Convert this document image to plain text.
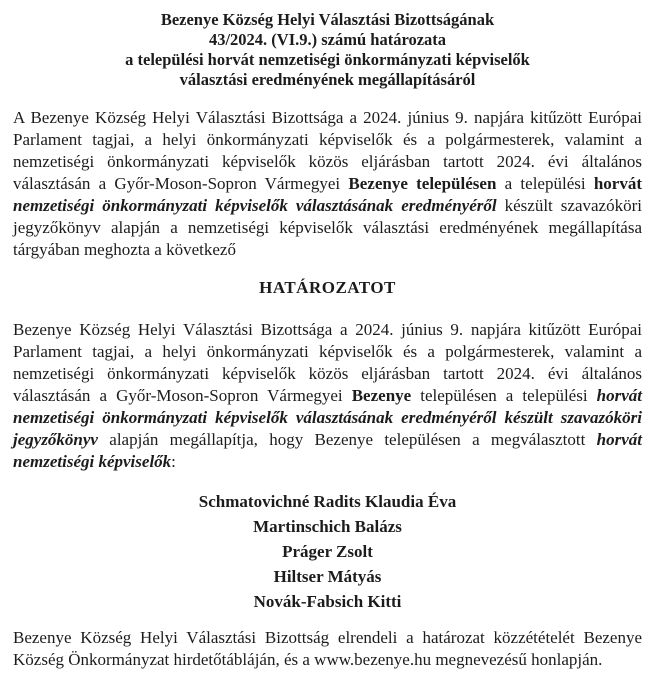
Bezenye Község Helyi Választási Bizottságának
43/2024. (VI.9.) számú határozata
a települési horvát nemzetiségi önkormányzati képviselők
választási eredményének megállapításáról

A Bezenye Község Helyi Választási Bizottsága a 2024. június 9. napjára kitűzött Európai Parlament tagjai, a helyi önkormányzati képviselők és a polgármesterek, valamint a nemzetiségi önkormányzati képviselők közös eljárásban tartott 2024. évi általános választásán a Győr-Moson-Sopron Vármegyei Bezenye településen a települési horvát nemzetiségi önkormányzati képviselők választásának eredményéről készült szavazóköri jegyzőkönyv alapján a nemzetiségi képviselők választási eredményének megállapítása tárgyában meghozta a következő

HATÁROZATOT

Bezenye Község Helyi Választási Bizottsága a 2024. június 9. napjára kitűzött Európai Parlament tagjai, a helyi önkormányzati képviselők és a polgármesterek, valamint a nemzetiségi önkormányzati képviselők közös eljárásban tartott 2024. évi általános választásán a Győr-Moson-Sopron Vármegyei Bezenye településen a települési horvát nemzetiségi önkormányzati képviselők választásának eredményéről készült szavazóköri jegyzőkönyv alapján megállapítja, hogy Bezenye településen a megválasztott horvát nemzetiségi képviselők:

Schmatovichné Radits Klaudia Éva
Martinschich Balázs
Práger Zsolt
Hiltser Mátyás
Novák-Fabsich Kitti

Bezenye Község Helyi Választási Bizottság elrendeli a határozat közzétételét Bezenye Község Önkormányzat hirdetőtábláján, és a www.bezenye.hu megnevezésű honlapján.
